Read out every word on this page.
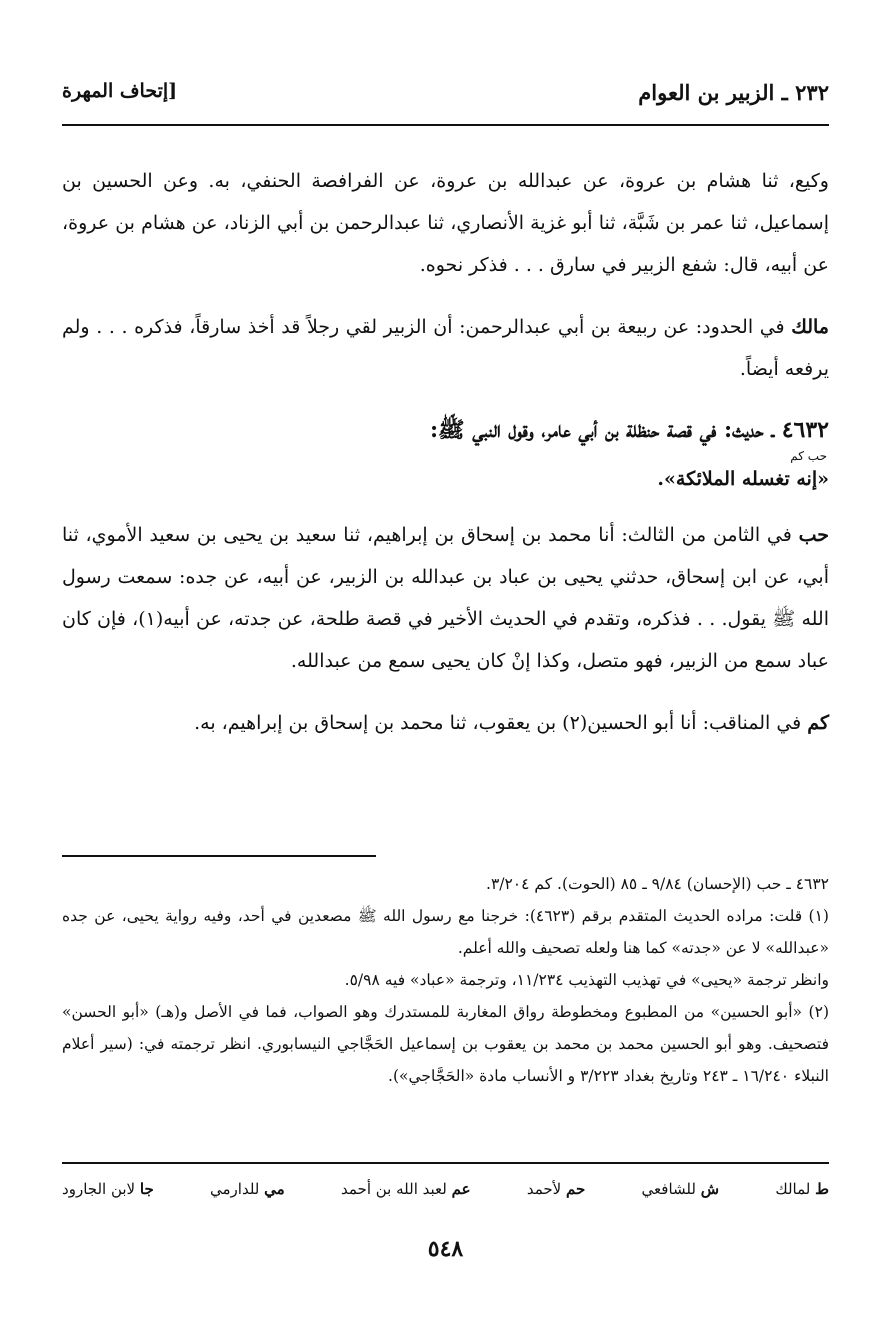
٢٣٢ ـ الزبير بن العوام
[إتحاف المهرة

وكيع، ثنا هشام بن عروة، عن عبدالله بن عروة، عن الفرافصة الحنفي، به. وعن الحسين بن إسماعيل، ثنا عمر بن شَبَّة، ثنا أبو غزية الأنصاري، ثنا عبدالرحمن بن أبي الزناد، عن هشام بن عروة، عن أبيه، قال: شفع الزبير في سارق . . . فذكر نحوه.

مالك في الحدود: عن ربيعة بن أبي عبدالرحمن: أن الزبير لقي رجلاً قد أخذ سارقاً، فذكره . . . ولم يرفعه أيضاً.

٤٦٣٢ ـ حديث: في قصة حنظلة بن أبي عامر، وقول النبي ﷺ:

حب كم

«إنه تغسله الملائكة».

حب في الثامن من الثالث: أنا محمد بن إسحاق بن إبراهيم، ثنا سعيد بن يحيى بن سعيد الأموي، ثنا أبي، عن ابن إسحاق، حدثني يحيى بن عباد بن عبدالله بن الزبير، عن أبيه، عن جده: سمعت رسول الله ﷺ يقول. . . فذكره، وتقدم في الحديث الأخير في قصة طلحة، عن جدته، عن أبيه(١)، فإن كان عباد سمع من الزبير، فهو متصل، وكذا إنْ كان يحيى سمع من عبدالله.

كم في المناقب: أنا أبو الحسين(٢) بن يعقوب، ثنا محمد بن إسحاق بن إبراهيم، به.

٤٦٣٢ ـ حب (الإحسان) ٩/٨٤ ـ ٨٥ (الحوت). كم ٣/٢٠٤.

(١) قلت: مراده الحديث المتقدم برقم (٤٦٢٣): خرجنا مع رسول الله ﷺ مصعدين في أحد، وفيه رواية يحيى، عن جده «عبدالله» لا عن «جدته» كما هنا ولعله تصحيف والله أعلم.

وانظر ترجمة «يحيى» في تهذيب التهذيب ١١/٢٣٤، وترجمة «عباد» فيه ٥/٩٨.

(٢) «أبو الحسين» من المطبوع ومخطوطة رواق المغاربة للمستدرك وهو الصواب، فما في الأصل و(هـ) «أبو الحسن» فتصحيف. وهو أبو الحسين محمد بن محمد بن يعقوب بن إسماعيل الحَجَّاجي النيسابوري. انظر ترجمته في: (سير أعلام النبلاء ١٦/٢٤٠ ـ ٢٤٣ وتاريخ بغداد ٣/٢٢٣ و الأنساب مادة «الحَجَّاجي»).

ط لمالك
ش للشافعي
حم لأحمد
عم لعبد الله بن أحمد
مي للدارمي
جا لابن الجارود
٥٤٨
